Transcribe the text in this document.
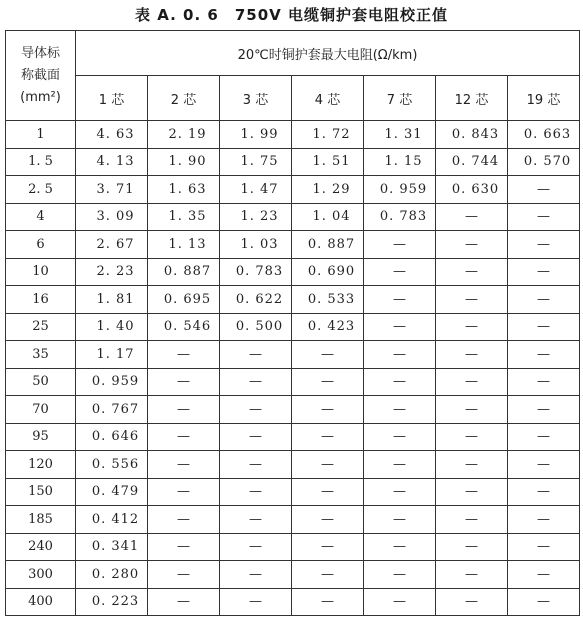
表 A. 0. 6　750V 电缆铜护套电阻校正值
导体标
称截面
(mm²)	20℃时铜护套最大电阻(Ω/km)						
	1 芯	2 芯	3 芯	4 芯	7 芯	12 芯	19 芯
1	4. 63	2. 19	1. 99	1. 72	1. 31	0. 843	0. 663
1. 5	4. 13	1. 90	1. 75	1. 51	1. 15	0. 744	0. 570
2. 5	3. 71	1. 63	1. 47	1. 29	0. 959	0. 630	—
4	3. 09	1. 35	1. 23	1. 04	0. 783	—	—
6	2. 67	1. 13	1. 03	0. 887	—	—	—
10	2. 23	0. 887	0. 783	0. 690	—	—	—
16	1. 81	0. 695	0. 622	0. 533	—	—	—
25	1. 40	0. 546	0. 500	0. 423	—	—	—
35	1. 17	—	—	—	—	—	—
50	0. 959	—	—	—	—	—	—
70	0. 767	—	—	—	—	—	—
95	0. 646	—	—	—	—	—	—
120	0. 556	—	—	—	—	—	—
150	0. 479	—	—	—	—	—	—
185	0. 412	—	—	—	—	—	—
240	0. 341	—	—	—	—	—	—
300	0. 280	—	—	—	—	—	—
400	0. 223	—	—	—	—	—	—
